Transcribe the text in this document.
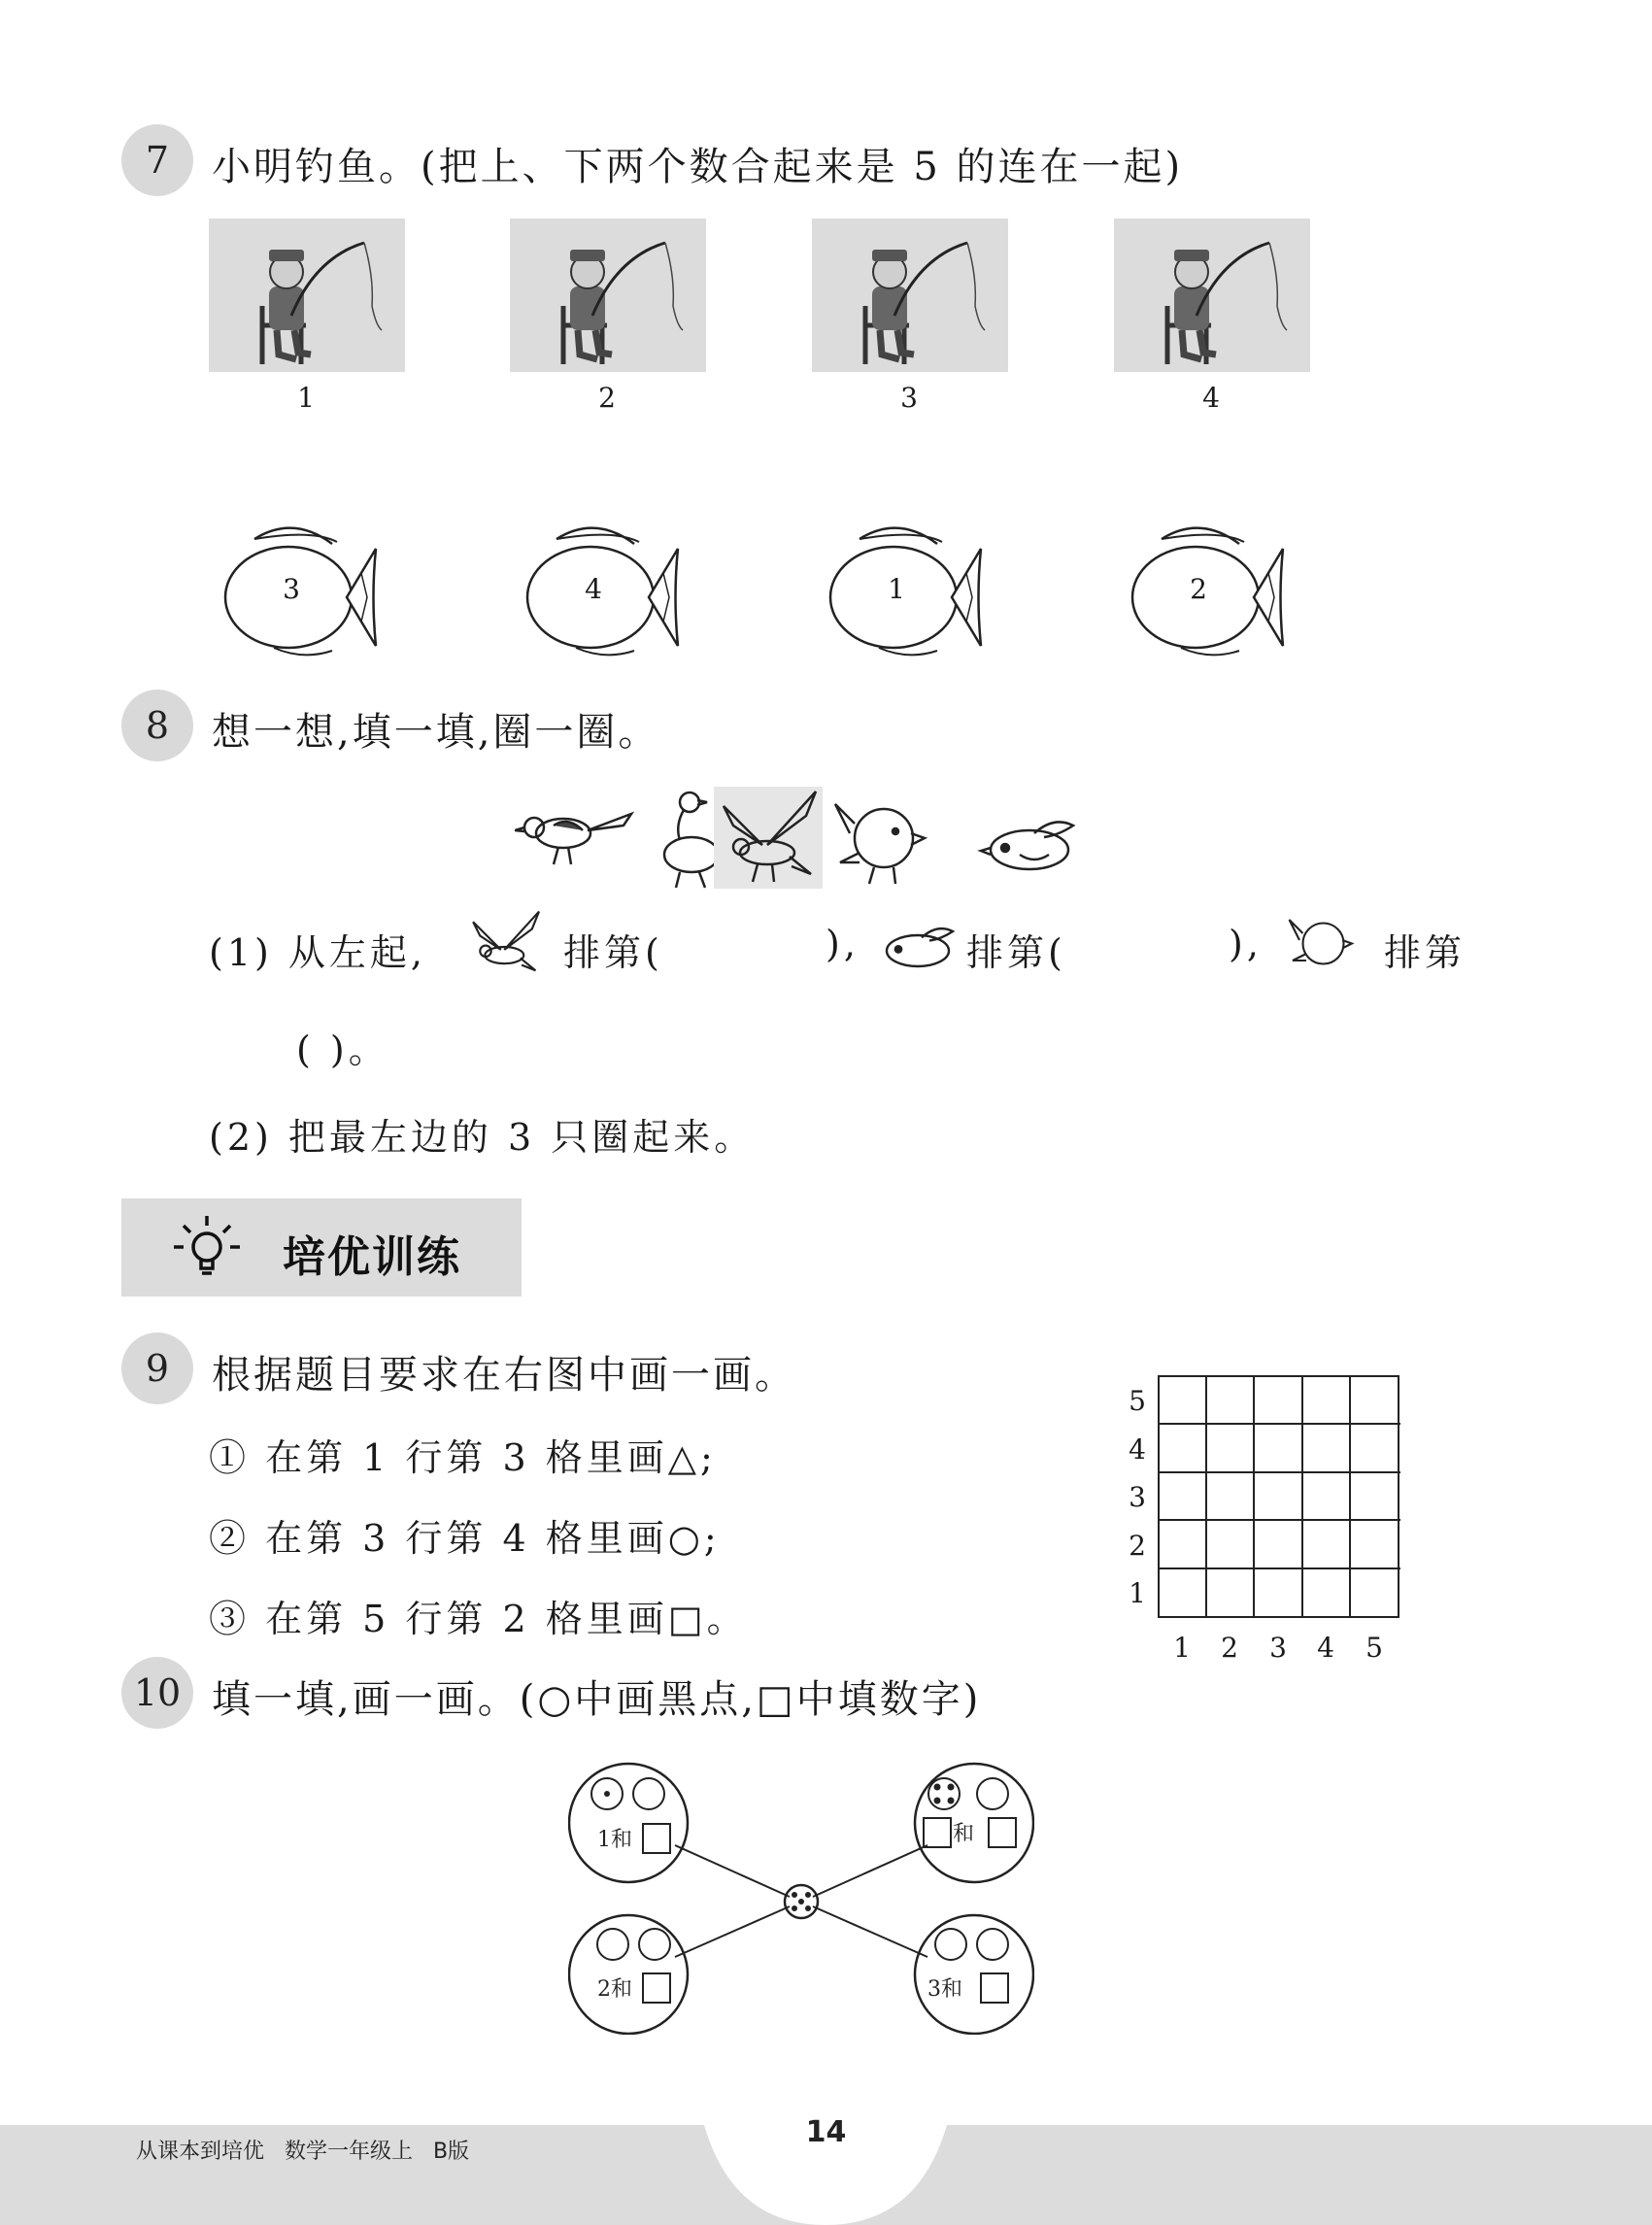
7	小明钓鱼。(把上、下两个数合起来是 5 的连在一起)
1	2	3	4
3	4	1	2
8	想一想,填一填,圈一圈。
(1) 从左起,	排第(	),	排第(	),	排第
( )。
(2) 把最左边的 3 只圈起来。
培优训练
9	根据题目要求在右图中画一画。
① 在第 1 行第 3 格里画△;
② 在第 3 行第 4 格里画○;
③ 在第 5 行第 2 格里画□。
5
4
3
2
1
1 2 3 4 5
10 填一填,画一画。(○中画黑点,□中填数字)
1和	和
2和	3和
从课本到培优   数学一年级上   B版
14
